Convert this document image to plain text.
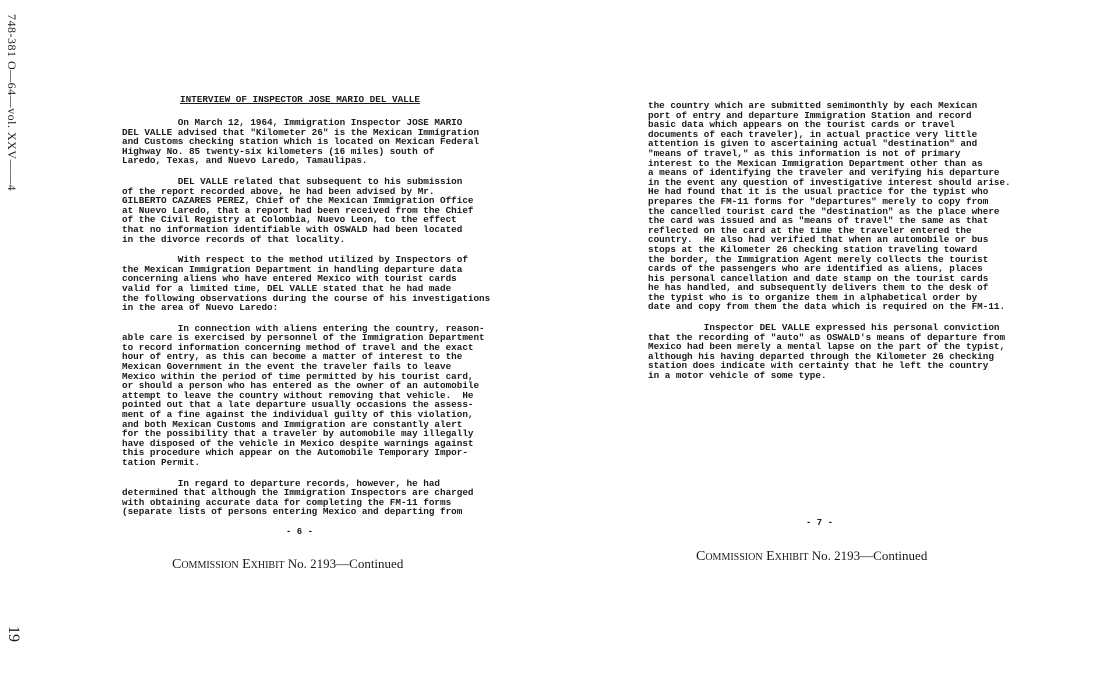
748-381 O—64—vol. XXV——4
19
INTERVIEW OF INSPECTOR JOSE MARIO DEL VALLE
On March 12, 1964, Immigration Inspector JOSE MARIO
DEL VALLE advised that "Kilometer 26" is the Mexican Immigration
and Customs checking station which is located on Mexican Federal
Highway No. 85 twenty-six kilometers (16 miles) south of
Laredo, Texas, and Nuevo Laredo, Tamaulipas.
DEL VALLE related that subsequent to his submission
of the report recorded above, he had been advised by Mr.
GILBERTO CAZARES PEREZ, Chief of the Mexican Immigration Office
at Nuevo Laredo, that a report had been received from the Chief
of the Civil Registry at Colombia, Nuevo Leon, to the effect
that no information identifiable with OSWALD had been located
in the divorce records of that locality.
With respect to the method utilized by Inspectors of
the Mexican Immigration Department in handling departure data
concerning aliens who have entered Mexico with tourist cards
valid for a limited time, DEL VALLE stated that he had made
the following observations during the course of his investigations
in the area of Nuevo Laredo:
In connection with aliens entering the country, reason-
able care is exercised by personnel of the Immigration Department
to record information concerning method of travel and the exact
hour of entry, as this can become a matter of interest to the
Mexican Government in the event the traveler fails to leave
Mexico within the period of time permitted by his tourist card,
or should a person who has entered as the owner of an automobile
attempt to leave the country without removing that vehicle.  He
pointed out that a late departure usually occasions the assess-
ment of a fine against the individual guilty of this violation,
and both Mexican Customs and Immigration are constantly alert
for the possibility that a traveler by automobile may illegally
have disposed of the vehicle in Mexico despite warnings against
this procedure which appear on the Automobile Temporary Impor-
tation Permit.
In regard to departure records, however, he had
determined that although the Immigration Inspectors are charged
with obtaining accurate data for completing the FM-11 forms
(separate lists of persons entering Mexico and departing from
- 6 -
Commission Exhibit No. 2193—Continued
the country which are submitted semimonthly by each Mexican
port of entry and departure Immigration Station and record
basic data which appears on the tourist cards or travel
documents of each traveler), in actual practice very little
attention is given to ascertaining actual "destination" and
"means of travel," as this information is not of primary
interest to the Mexican Immigration Department other than as
a means of identifying the traveler and verifying his departure
in the event any question of investigative interest should arise.
He had found that it is the usual practice for the typist who
prepares the FM-11 forms for "departures" merely to copy from
the cancelled tourist card the "destination" as the place where
the card was issued and as "means of travel" the same as that
reflected on the card at the time the traveler entered the
country.  He also had verified that when an automobile or bus
stops at the Kilometer 26 checking station traveling toward
the border, the Immigration Agent merely collects the tourist
cards of the passengers who are identified as aliens, places
his personal cancellation and date stamp on the tourist cards
he has handled, and subsequently delivers them to the desk of
the typist who is to organize them in alphabetical order by
date and copy from them the data which is required on the FM-11.
Inspector DEL VALLE expressed his personal conviction
that the recording of "auto" as OSWALD's means of departure from
Mexico had been merely a mental lapse on the part of the typist,
although his having departed through the Kilometer 26 checking
station does indicate with certainty that he left the country
in a motor vehicle of some type.
- 7 -
Commission Exhibit No. 2193—Continued
